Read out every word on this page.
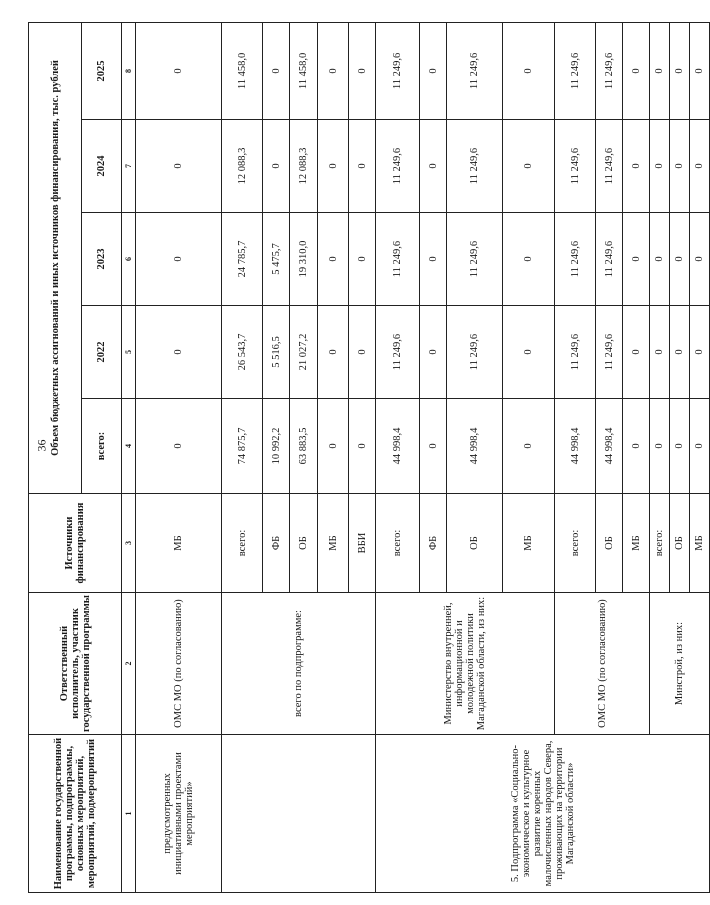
36
Наименование государственной программы, подпрограммы, основных мероприятий, мероприятий, подмероприятий	Ответственный исполнитель, участник государственной программы	Источники финансирования	Объем бюджетных ассигнований и иных источников финансирования, тыс. рублей				
			всего:	2022	2023	2024	2025
1	2	3	4	5	6	7	8
предусмотренных инициативными проектами мероприятий»	ОМС МО (по согласованию)	МБ	0	0	0	0	0
	всего по подпрограмме:	всего:	74 875,7	26 543,7	24 785,7	12 088,3	11 458,0
		ФБ	10 992,2	5 516,5	5 475,7	0	0
		ОБ	63 883,5	21 027,2	19 310,0	12 088,3	11 458,0
		МБ	0	0	0	0	0
		ВБИ	0	0	0	0	0
5. Подпрограмма «Социально-экономическое и культурное развитие коренных малочисленных народов Севера, проживающих на территории Магаданской области»	Министерство внутренней, информационной и молодежной политики Магаданской области, из них:	всего:	44 998,4	11 249,6	11 249,6	11 249,6	11 249,6
		ФБ	0	0	0	0	0
		ОБ	44 998,4	11 249,6	11 249,6	11 249,6	11 249,6
		МБ	0	0	0	0	0
	ОМС МО (по согласованию)	всего:	44 998,4	11 249,6	11 249,6	11 249,6	11 249,6
		ОБ	44 998,4	11 249,6	11 249,6	11 249,6	11 249,6
		МБ	0	0	0	0	0
	Минстрой, из них:	всего:	0	0	0	0	0
		ОБ	0	0	0	0	0
		МБ	0	0	0	0	0
